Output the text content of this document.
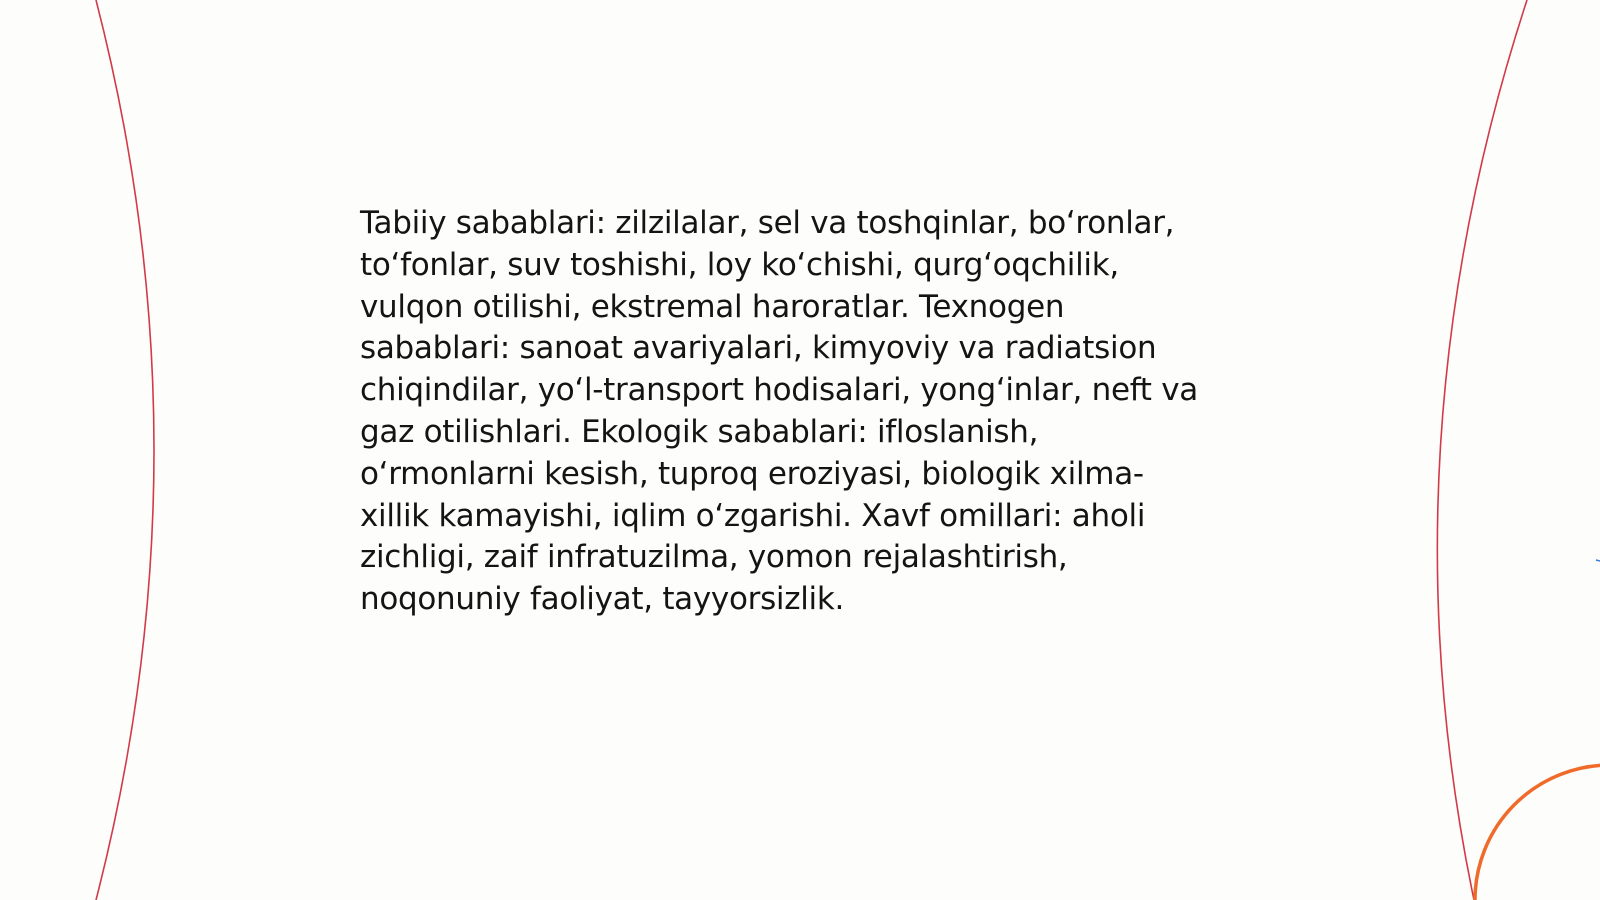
Tabiiy sabablari: zilzilalar, sel va toshqinlar, bo‘ronlar,
to‘fonlar, suv toshishi, loy ko‘chishi, qurg‘oqchilik,
vulqon otilishi, ekstremal haroratlar. Texnogen
sabablari: sanoat avariyalari, kimyoviy va radiatsion
chiqindilar, yo‘l-transport hodisalari, yong‘inlar, neft va
gaz otilishlari. Ekologik sabablari: ifloslanish,
o‘rmonlarni kesish, tuproq eroziyasi, biologik xilma-
xillik kamayishi, iqlim o‘zgarishi. Xavf omillari: aholi
zichligi, zaif infratuzilma, yomon rejalashtirish,
noqonuniy faoliyat, tayyorsizlik.
